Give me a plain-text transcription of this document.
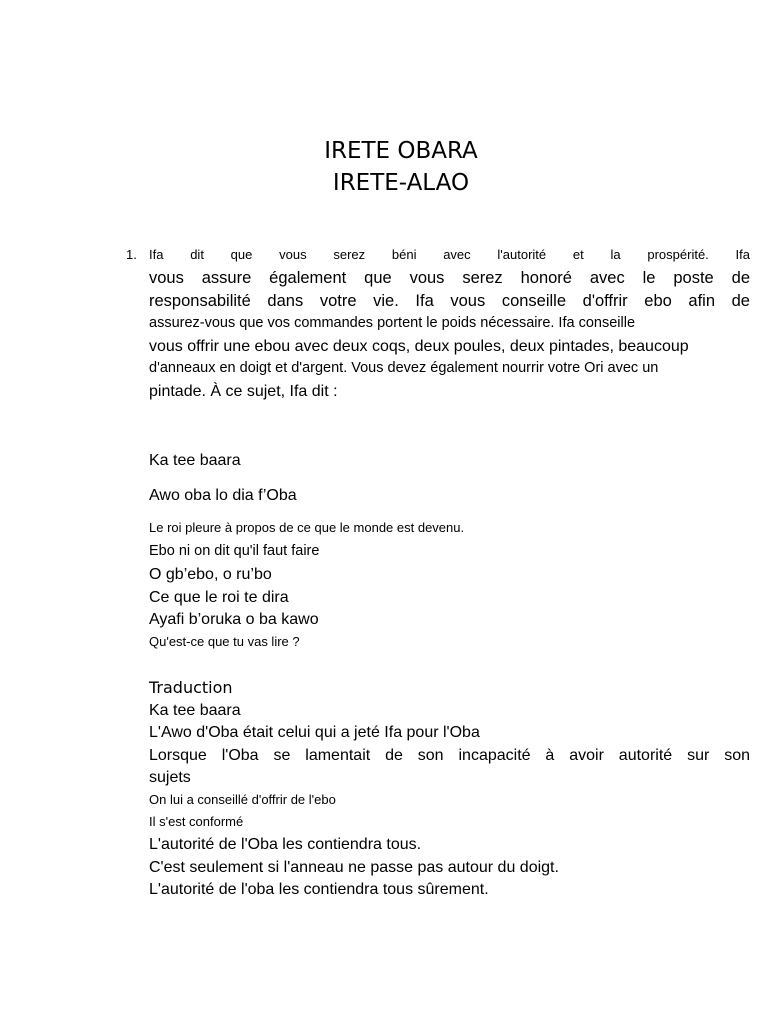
IRETE OBARA
IRETE-ALAO
1. Ifa dit que vous serez béni avec l'autorité et la prospérité. Ifa

vous assure également que vous serez honoré avec le poste de

responsabilité dans votre vie. Ifa vous conseille d'offrir ebo afin de

assurez-vous que vos commandes portent le poids nécessaire. Ifa conseille

vous offrir une ebou avec deux coqs, deux poules, deux pintades, beaucoup

d'anneaux en doigt et d'argent. Vous devez également nourrir votre Ori avec un

pintade. À ce sujet, Ifa dit :

Ka tee baara

Awo oba lo dia f’Oba

Le roi pleure à propos de ce que le monde est devenu.

Ebo ni on dit qu'il faut faire

O gb’ebo, o ru’bo

Ce que le roi te dira

Ayafi b’oruka o ba kawo

Qu'est-ce que tu vas lire ?

Traduction

Ka tee baara

L'Awo d'Oba était celui qui a jeté Ifa pour l'Oba

Lorsque l'Oba se lamentait de son incapacité à avoir autorité sur son

sujets

On lui a conseillé d'offrir de l'ebo

Il s'est conformé

L'autorité de l'Oba les contiendra tous.

C'est seulement si l'anneau ne passe pas autour du doigt.

L'autorité de l'oba les contiendra tous sûrement.
